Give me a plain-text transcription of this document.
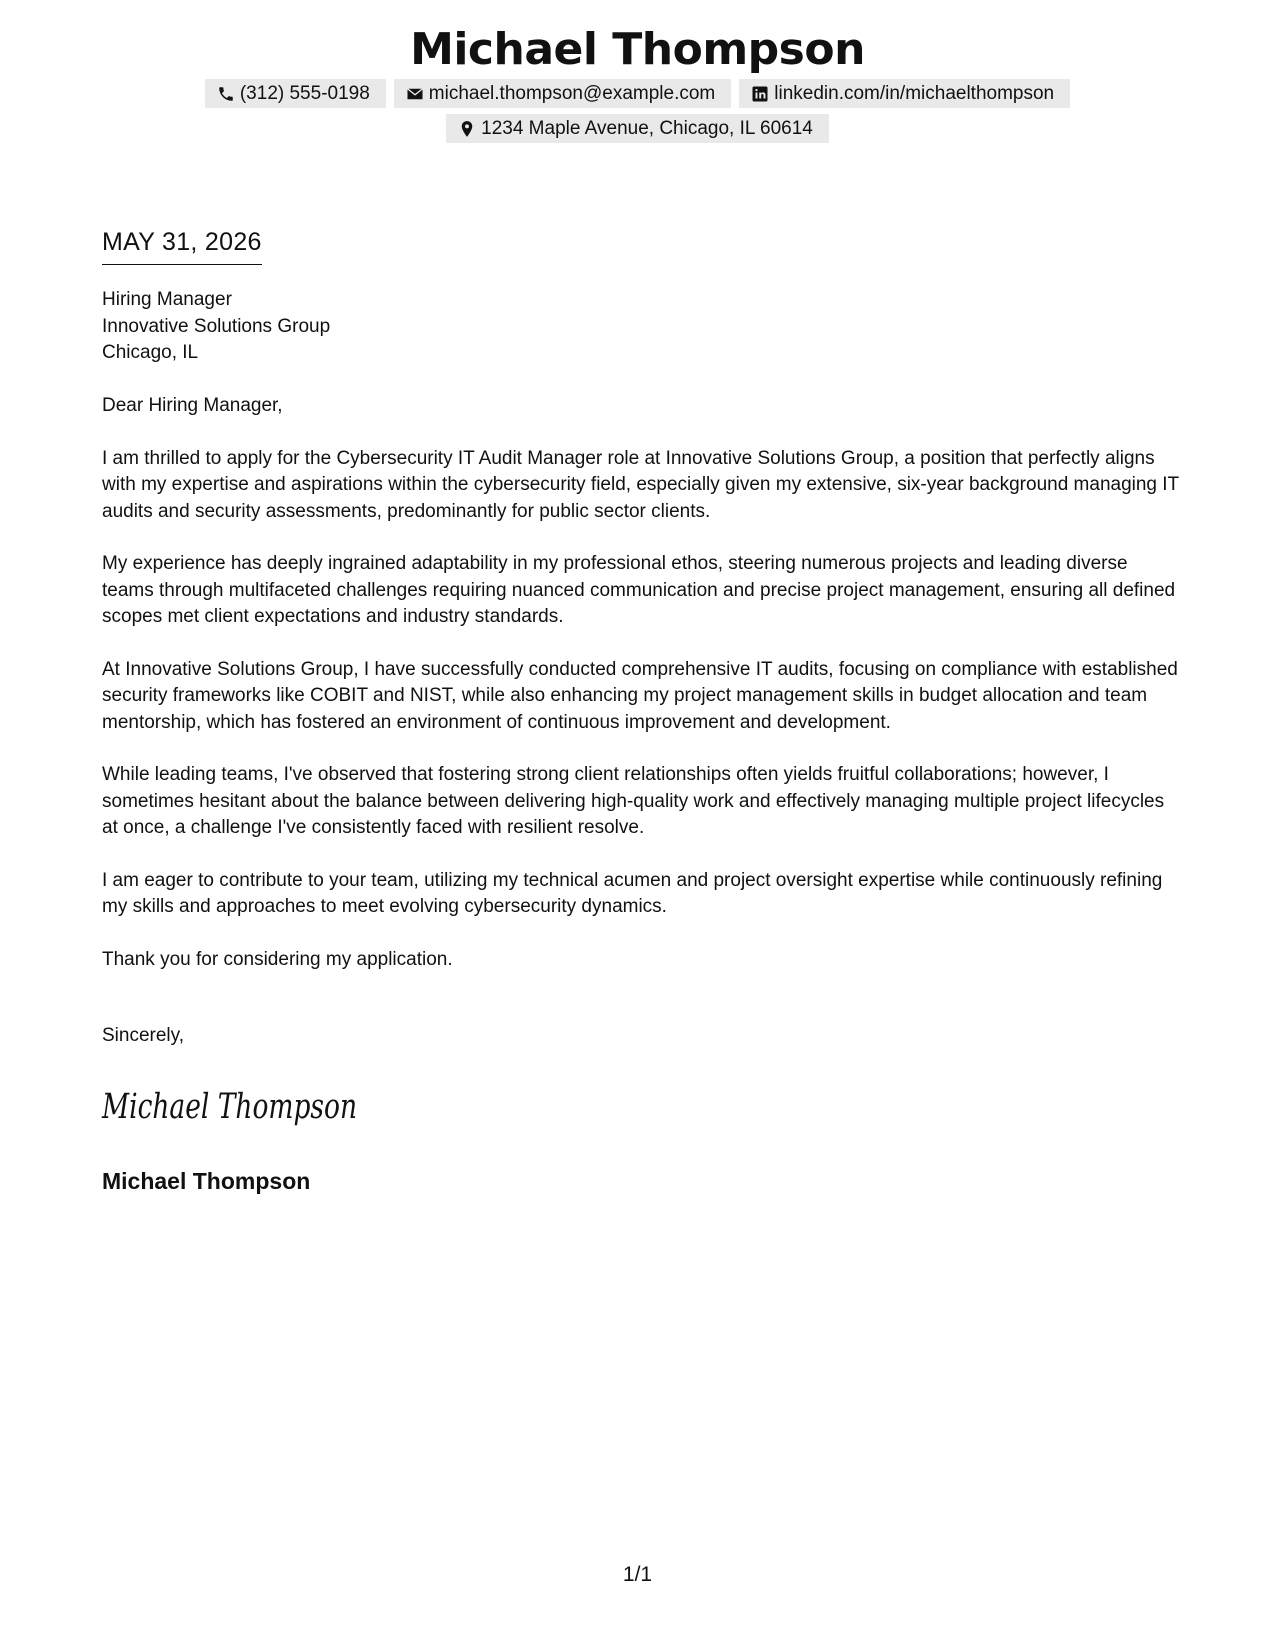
Michael Thompson
(312) 555-0198	michael.thompson@example.com	linkedin.com/in/michaelthompson
1234 Maple Avenue, Chicago, IL 60614
MAY 31, 2026
Hiring Manager
Innovative Solutions Group
Chicago, IL

Dear Hiring Manager,

I am thrilled to apply for the Cybersecurity IT Audit Manager role at Innovative Solutions Group, a position that perfectly aligns with my expertise and aspirations within the cybersecurity field, especially given my extensive, six-year background managing IT audits and security assessments, predominantly for public sector clients.

My experience has deeply ingrained adaptability in my professional ethos, steering numerous projects and leading diverse teams through multifaceted challenges requiring nuanced communication and precise project management, ensuring all defined scopes met client expectations and industry standards.

At Innovative Solutions Group, I have successfully conducted comprehensive IT audits, focusing on compliance with established security frameworks like COBIT and NIST, while also enhancing my project management skills in budget allocation and team mentorship, which has fostered an environment of continuous improvement and development.

While leading teams, I've observed that fostering strong client relationships often yields fruitful collaborations; however, I sometimes hesitant about the balance between delivering high-quality work and effectively managing multiple project lifecycles at once, a challenge I've consistently faced with resilient resolve.

I am eager to contribute to your team, utilizing my technical acumen and project oversight expertise while continuously refining my skills and approaches to meet evolving cybersecurity dynamics.

Thank you for considering my application.

Sincerely,
Michael Thompson
Michael Thompson
1/1
